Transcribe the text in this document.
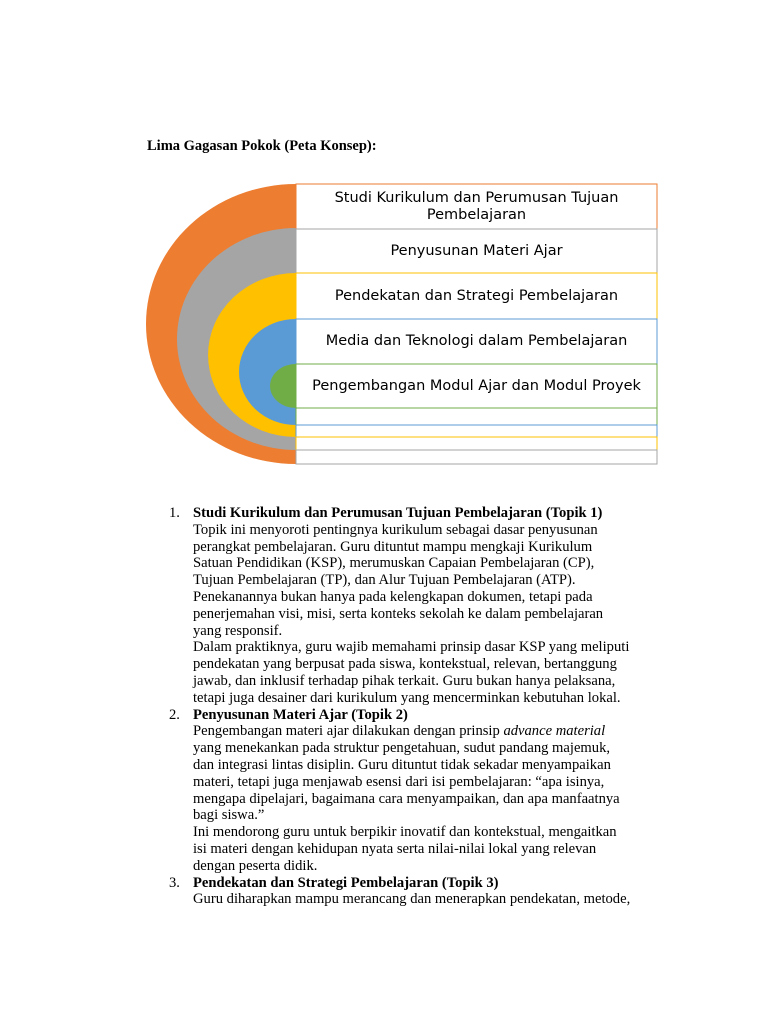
Lima Gagasan Pokok (Peta Konsep):
Studi Kurikulum dan Perumusan Tujuan
Pembelajaran
Penyusunan Materi Ajar
Pendekatan dan Strategi Pembelajaran
Media dan Teknologi dalam Pembelajaran
Pengembangan Modul Ajar dan Modul Proyek
1. Studi Kurikulum dan Perumusan Tujuan Pembelajaran (Topik 1)
Topik ini menyoroti pentingnya kurikulum sebagai dasar penyusunan
perangkat pembelajaran. Guru dituntut mampu mengkaji Kurikulum
Satuan Pendidikan (KSP), merumuskan Capaian Pembelajaran (CP),
Tujuan Pembelajaran (TP), dan Alur Tujuan Pembelajaran (ATP).
Penekanannya bukan hanya pada kelengkapan dokumen, tetapi pada
penerjemahan visi, misi, serta konteks sekolah ke dalam pembelajaran
yang responsif.
Dalam praktiknya, guru wajib memahami prinsip dasar KSP yang meliputi
pendekatan yang berpusat pada siswa, kontekstual, relevan, bertanggung
jawab, dan inklusif terhadap pihak terkait. Guru bukan hanya pelaksana,
tetapi juga desainer dari kurikulum yang mencerminkan kebutuhan lokal.
2. Penyusunan Materi Ajar (Topik 2)
Pengembangan materi ajar dilakukan dengan prinsip advance material
yang menekankan pada struktur pengetahuan, sudut pandang majemuk,
dan integrasi lintas disiplin. Guru dituntut tidak sekadar menyampaikan
materi, tetapi juga menjawab esensi dari isi pembelajaran: “apa isinya,
mengapa dipelajari, bagaimana cara menyampaikan, dan apa manfaatnya
bagi siswa.”
Ini mendorong guru untuk berpikir inovatif dan kontekstual, mengaitkan
isi materi dengan kehidupan nyata serta nilai-nilai lokal yang relevan
dengan peserta didik.
3. Pendekatan dan Strategi Pembelajaran (Topik 3)
Guru diharapkan mampu merancang dan menerapkan pendekatan, metode,
